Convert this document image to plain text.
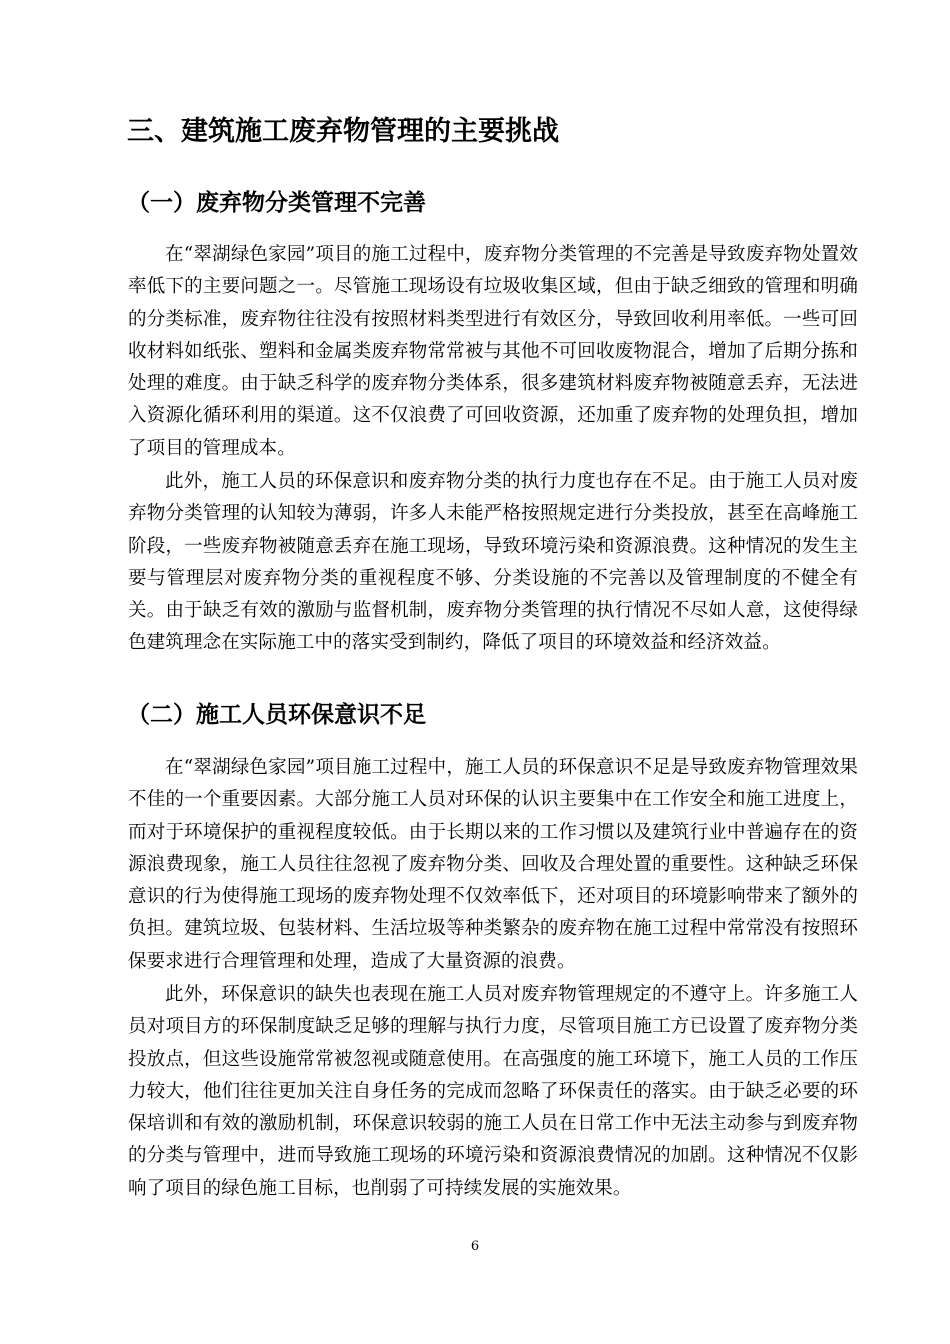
三、建筑施工废弃物管理的主要挑战
（一）废弃物分类管理不完善

在“翠湖绿色家园”项目的施工过程中，废弃物分类管理的不完善是导致废弃物处置效率低下的主要问题之一。尽管施工现场设有垃圾收集区域，但由于缺乏细致的管理和明确的分类标准，废弃物往往没有按照材料类型进行有效区分，导致回收利用率低。一些可回收材料如纸张、塑料和金属类废弃物常常被与其他不可回收废物混合，增加了后期分拣和处理的难度。由于缺乏科学的废弃物分类体系，很多建筑材料废弃物被随意丢弃，无法进入资源化循环利用的渠道。这不仅浪费了可回收资源，还加重了废弃物的处理负担，增加了项目的管理成本。

此外，施工人员的环保意识和废弃物分类的执行力度也存在不足。由于施工人员对废弃物分类管理的认知较为薄弱，许多人未能严格按照规定进行分类投放，甚至在高峰施工阶段，一些废弃物被随意丢弃在施工现场，导致环境污染和资源浪费。这种情况的发生主要与管理层对废弃物分类的重视程度不够、分类设施的不完善以及管理制度的不健全有关。由于缺乏有效的激励与监督机制，废弃物分类管理的执行情况不尽如人意，这使得绿色建筑理念在实际施工中的落实受到制约，降低了项目的环境效益和经济效益。

（二）施工人员环保意识不足

在“翠湖绿色家园”项目施工过程中，施工人员的环保意识不足是导致废弃物管理效果不佳的一个重要因素。大部分施工人员对环保的认识主要集中在工作安全和施工进度上，而对于环境保护的重视程度较低。由于长期以来的工作习惯以及建筑行业中普遍存在的资源浪费现象，施工人员往往忽视了废弃物分类、回收及合理处置的重要性。这种缺乏环保意识的行为使得施工现场的废弃物处理不仅效率低下，还对项目的环境影响带来了额外的负担。建筑垃圾、包装材料、生活垃圾等种类繁杂的废弃物在施工过程中常常没有按照环保要求进行合理管理和处理，造成了大量资源的浪费。

此外，环保意识的缺失也表现在施工人员对废弃物管理规定的不遵守上。许多施工人员对项目方的环保制度缺乏足够的理解与执行力度，尽管项目施工方已设置了废弃物分类投放点，但这些设施常常被忽视或随意使用。在高强度的施工环境下，施工人员的工作压力较大，他们往往更加关注自身任务的完成而忽略了环保责任的落实。由于缺乏必要的环保培训和有效的激励机制，环保意识较弱的施工人员在日常工作中无法主动参与到废弃物的分类与管理中，进而导致施工现场的环境污染和资源浪费情况的加剧。这种情况不仅影响了项目的绿色施工目标，也削弱了可持续发展的实施效果。

6
